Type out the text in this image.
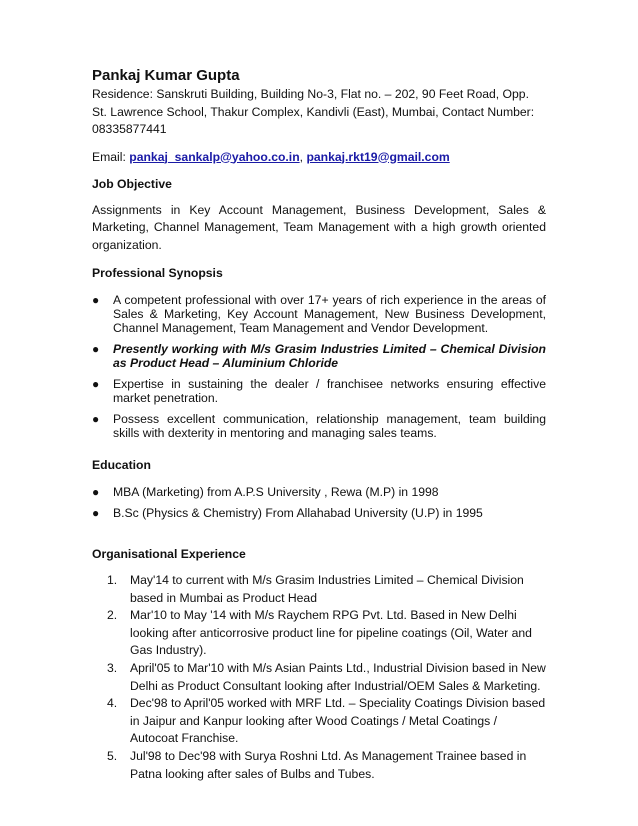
Pankaj Kumar Gupta

Residence: Sanskruti Building, Building No-3, Flat no. – 202, 90 Feet Road, Opp. St. Lawrence School, Thakur Complex, Kandivli (East), Mumbai, Contact Number: 08335877441

Email: pankaj_sankalp@yahoo.co.in, pankaj.rkt19@gmail.com
Job Objective

Assignments in Key Account Management, Business Development, Sales & Marketing, Channel Management, Team Management with a high growth oriented organization.

Professional Synopsis
● A competent professional with over 17+ years of rich experience in the areas of Sales & Marketing, Key Account Management, New Business Development, Channel Management, Team Management and Vendor Development.
● Presently working with M/s Grasim Industries Limited – Chemical Division as Product Head – Aluminium Chloride
● Expertise in sustaining the dealer / franchisee networks ensuring effective market penetration.
● Possess excellent communication, relationship management, team building skills with dexterity in mentoring and managing sales teams.
Education
● MBA (Marketing) from A.P.S University , Rewa (M.P) in 1998
● B.Sc (Physics & Chemistry) From Allahabad University (U.P) in 1995
Organisational Experience
1. May'14 to current with M/s Grasim Industries Limited – Chemical Division based in Mumbai as Product Head
2. Mar'10 to May '14 with M/s Raychem RPG Pvt. Ltd. Based in New Delhi looking after anticorrosive product line for pipeline coatings (Oil, Water and Gas Industry).
3. April'05 to Mar'10 with M/s Asian Paints Ltd., Industrial Division based in New Delhi as Product Consultant looking after Industrial/OEM Sales & Marketing.
4. Dec'98 to April'05 worked with MRF Ltd. – Speciality Coatings Division based in Jaipur and Kanpur looking after Wood Coatings / Metal Coatings / Autocoat Franchise.
5. Jul'98 to Dec'98 with Surya Roshni Ltd. As Management Trainee based in Patna looking after sales of Bulbs and Tubes.
